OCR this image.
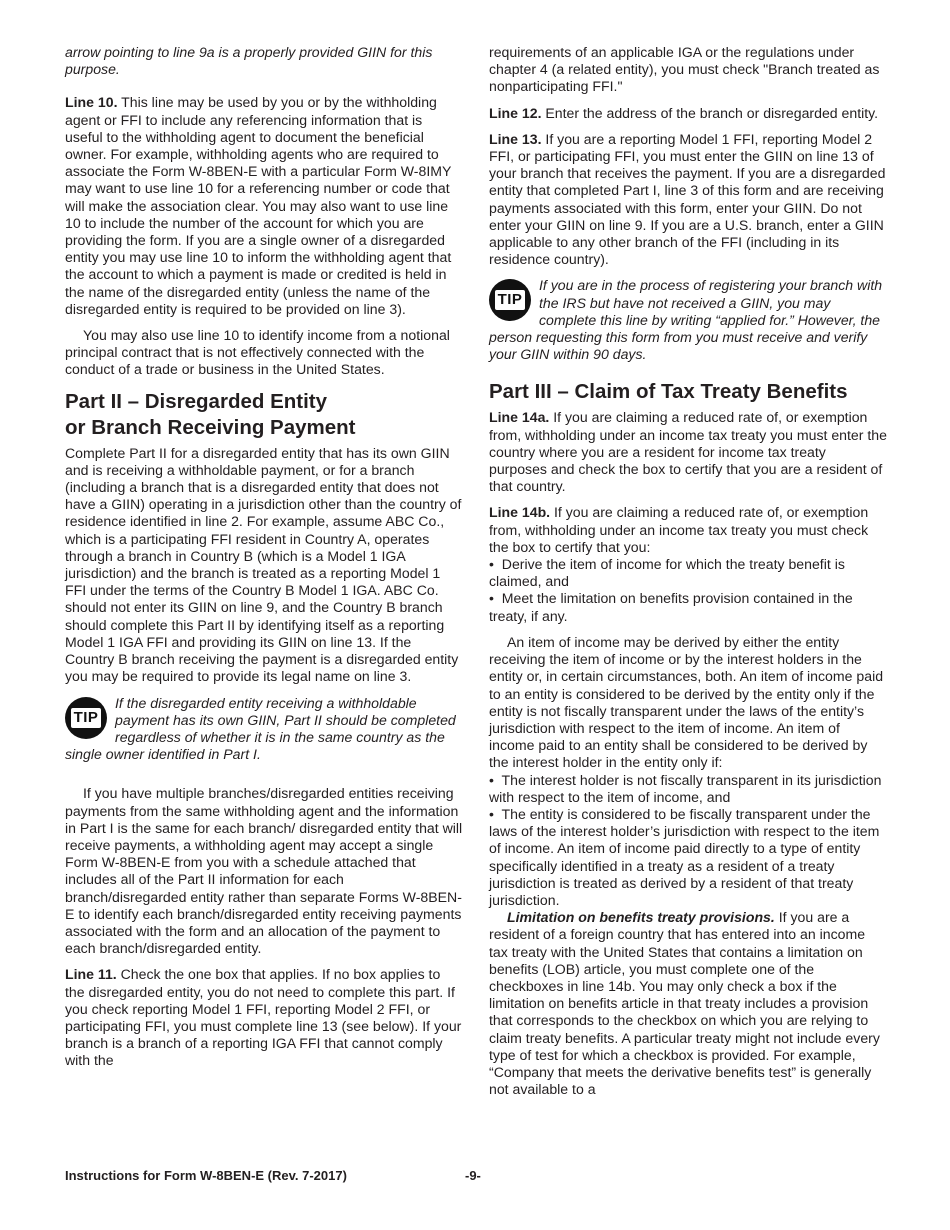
arrow pointing to line 9a is a properly provided GIIN for this purpose.

Line 10. This line may be used by you or by the withholding agent or FFI to include any referencing information that is useful to the withholding agent to document the beneficial owner. For example, withholding agents who are required to associate the Form W-8BEN-E with a particular Form W-8IMY may want to use line 10 for a referencing number or code that will make the association clear. You may also want to use line 10 to include the number of the account for which you are providing the form. If you are a single owner of a disregarded entity you may use line 10 to inform the withholding agent that the account to which a payment is made or credited is held in the name of the disregarded entity (unless the name of the disregarded entity is required to be provided on line 3).

You may also use line 10 to identify income from a notional principal contract that is not effectively connected with the conduct of a trade or business in the United States.

Part II – Disregarded Entity
or Branch Receiving Payment

Complete Part II for a disregarded entity that has its own GIIN and is receiving a withholdable payment, or for a branch (including a branch that is a disregarded entity that does not have a GIIN) operating in a jurisdiction other than the country of residence identified in line 2. For example, assume ABC Co., which is a participating FFI resident in Country A, operates through a branch in Country B (which is a Model 1 IGA jurisdiction) and the branch is treated as a reporting Model 1 FFI under the terms of the Country B Model 1 IGA. ABC Co. should not enter its GIIN on line 9, and the Country B branch should complete this Part II by identifying itself as a reporting Model 1 IGA FFI and providing its GIIN on line 13. If the Country B branch receiving the payment is a disregarded entity you may be required to provide its legal name on line 3.

TIP
If the disregarded entity receiving a withholdable payment has its own GIIN, Part II should be completed regardless of whether it is in the same country as the single owner identified in Part I.

If you have multiple branches/disregarded entities receiving payments from the same withholding agent and the information in Part I is the same for each branch/ disregarded entity that will receive payments, a withholding agent may accept a single Form W-8BEN-E from you with a schedule attached that includes all of the Part II information for each branch/disregarded entity rather than separate Forms W-8BEN-E to identify each branch/disregarded entity receiving payments associated with the form and an allocation of the payment to each branch/disregarded entity.

Line 11. Check the one box that applies. If no box applies to the disregarded entity, you do not need to complete this part. If you check reporting Model 1 FFI, reporting Model 2 FFI, or participating FFI, you must complete line 13 (see below). If your branch is a branch of a reporting IGA FFI that cannot comply with the

requirements of an applicable IGA or the regulations under chapter 4 (a related entity), you must check "Branch treated as nonparticipating FFI."

Line 12. Enter the address of the branch or disregarded entity.

Line 13. If you are a reporting Model 1 FFI, reporting Model 2 FFI, or participating FFI, you must enter the GIIN on line 13 of your branch that receives the payment. If you are a disregarded entity that completed Part I, line 3 of this form and are receiving payments associated with this form, enter your GIIN. Do not enter your GIIN on line 9. If you are a U.S. branch, enter a GIIN applicable to any other branch of the FFI (including in its residence country).

TIP
If you are in the process of registering your branch with the IRS but have not received a GIIN, you may complete this line by writing “applied for.” However, the person requesting this form from you must receive and verify your GIIN within 90 days.
Part III – Claim of Tax Treaty Benefits

Line 14a. If you are claiming a reduced rate of, or exemption from, withholding under an income tax treaty you must enter the country where you are a resident for income tax treaty purposes and check the box to certify that you are a resident of that country.

Line 14b. If you are claiming a reduced rate of, or exemption from, withholding under an income tax treaty you must check the box to certify that you:

•  Derive the item of income for which the treaty benefit is claimed, and

•  Meet the limitation on benefits provision contained in the treaty, if any.

An item of income may be derived by either the entity receiving the item of income or by the interest holders in the entity or, in certain circumstances, both. An item of income paid to an entity is considered to be derived by the entity only if the entity is not fiscally transparent under the laws of the entity’s jurisdiction with respect to the item of income. An item of income paid to an entity shall be considered to be derived by the interest holder in the entity only if:

•  The interest holder is not fiscally transparent in its jurisdiction with respect to the item of income, and

•  The entity is considered to be fiscally transparent under the laws of the interest holder’s jurisdiction with respect to the item of income. An item of income paid directly to a type of entity specifically identified in a treaty as a resident of a treaty jurisdiction is treated as derived by a resident of that treaty jurisdiction.

Limitation on benefits treaty provisions. If you are a resident of a foreign country that has entered into an income tax treaty with the United States that contains a limitation on benefits (LOB) article, you must complete one of the checkboxes in line 14b. You may only check a box if the limitation on benefits article in that treaty includes a provision that corresponds to the checkbox on which you are relying to claim treaty benefits. A particular treaty might not include every type of test for which a checkbox is provided. For example, “Company that meets the derivative benefits test” is generally not available to a

Instructions for Form W-8BEN-E (Rev. 7-2017)	-9-
